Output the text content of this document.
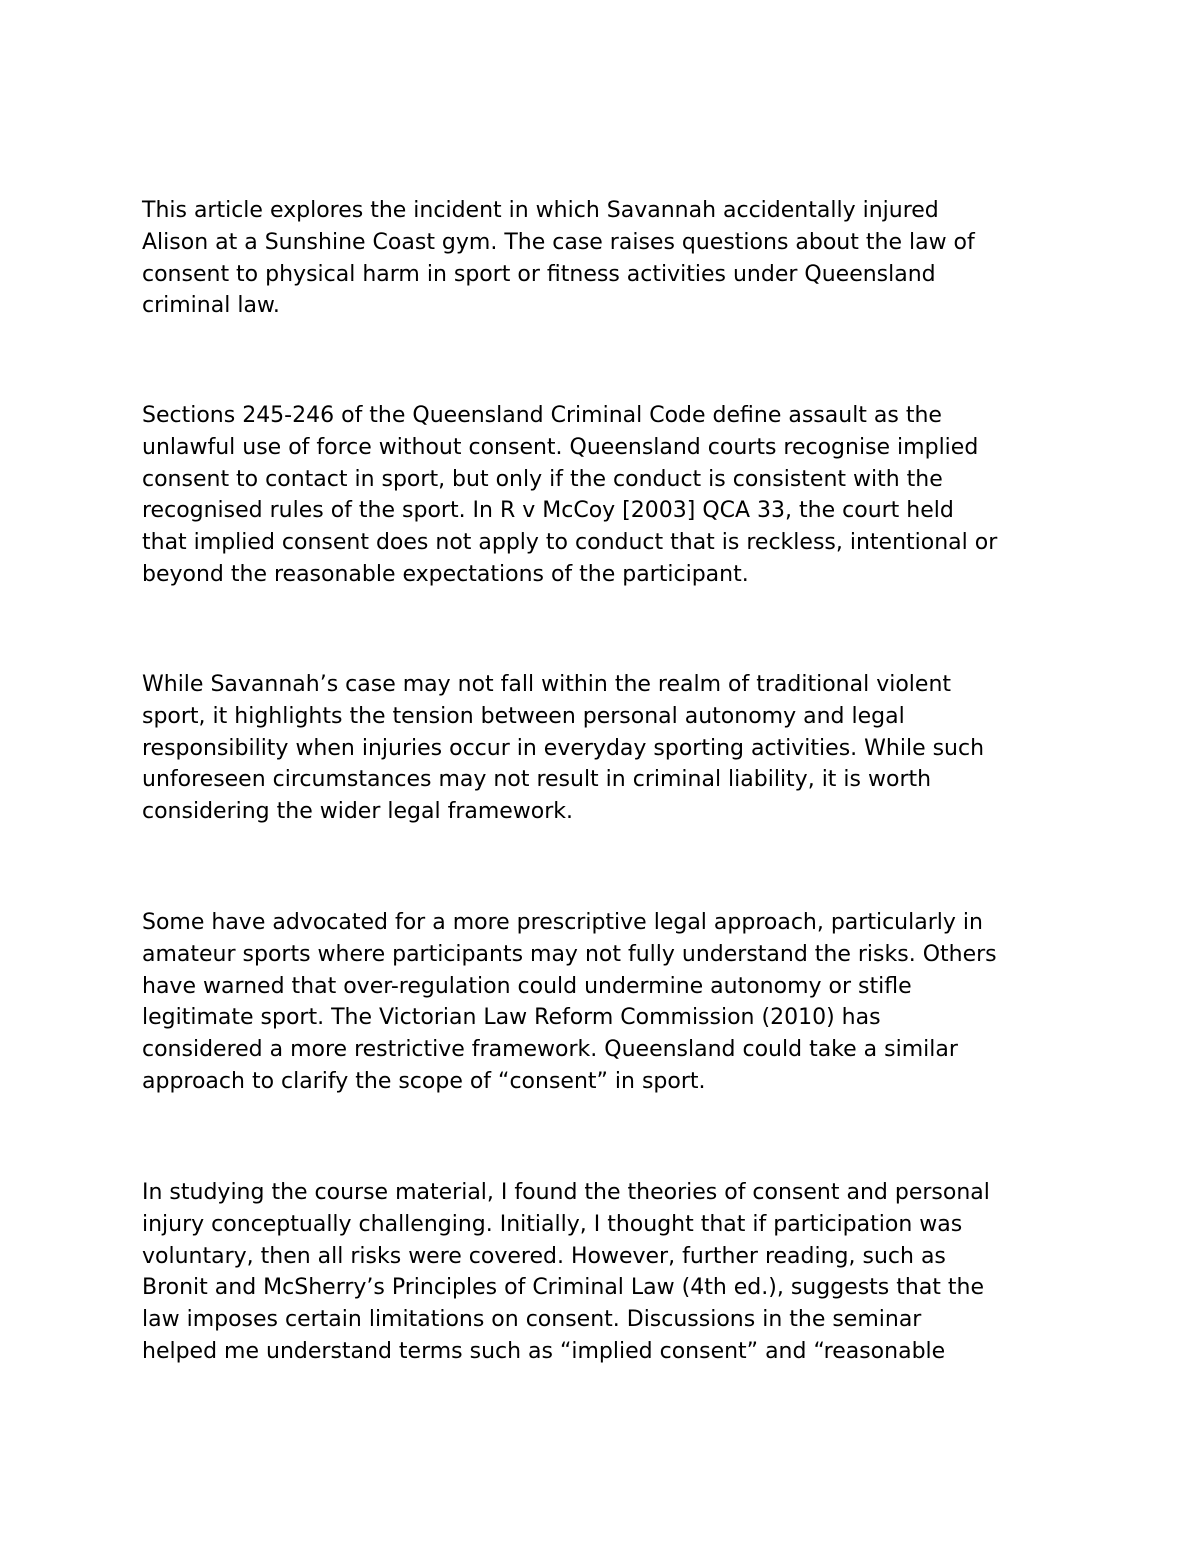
This article explores the incident in which Savannah accidentally injured
Alison at a Sunshine Coast gym. The case raises questions about the law of
consent to physical harm in sport or fitness activities under Queensland
criminal law.

Sections 245-246 of the Queensland Criminal Code define assault as the
unlawful use of force without consent. Queensland courts recognise implied
consent to contact in sport, but only if the conduct is consistent with the
recognised rules of the sport. In R v McCoy [2003] QCA 33, the court held
that implied consent does not apply to conduct that is reckless, intentional or
beyond the reasonable expectations of the participant.

While Savannah’s case may not fall within the realm of traditional violent
sport, it highlights the tension between personal autonomy and legal
responsibility when injuries occur in everyday sporting activities. While such
unforeseen circumstances may not result in criminal liability, it is worth
considering the wider legal framework.

Some have advocated for a more prescriptive legal approach, particularly in
amateur sports where participants may not fully understand the risks. Others
have warned that over-regulation could undermine autonomy or stifle
legitimate sport. The Victorian Law Reform Commission (2010) has
considered a more restrictive framework. Queensland could take a similar
approach to clarify the scope of “consent” in sport.

In studying the course material, I found the theories of consent and personal
injury conceptually challenging. Initially, I thought that if participation was
voluntary, then all risks were covered. However, further reading, such as
Bronit and McSherry’s Principles of Criminal Law (4th ed.), suggests that the
law imposes certain limitations on consent. Discussions in the seminar
helped me understand terms such as “implied consent” and “reasonable
